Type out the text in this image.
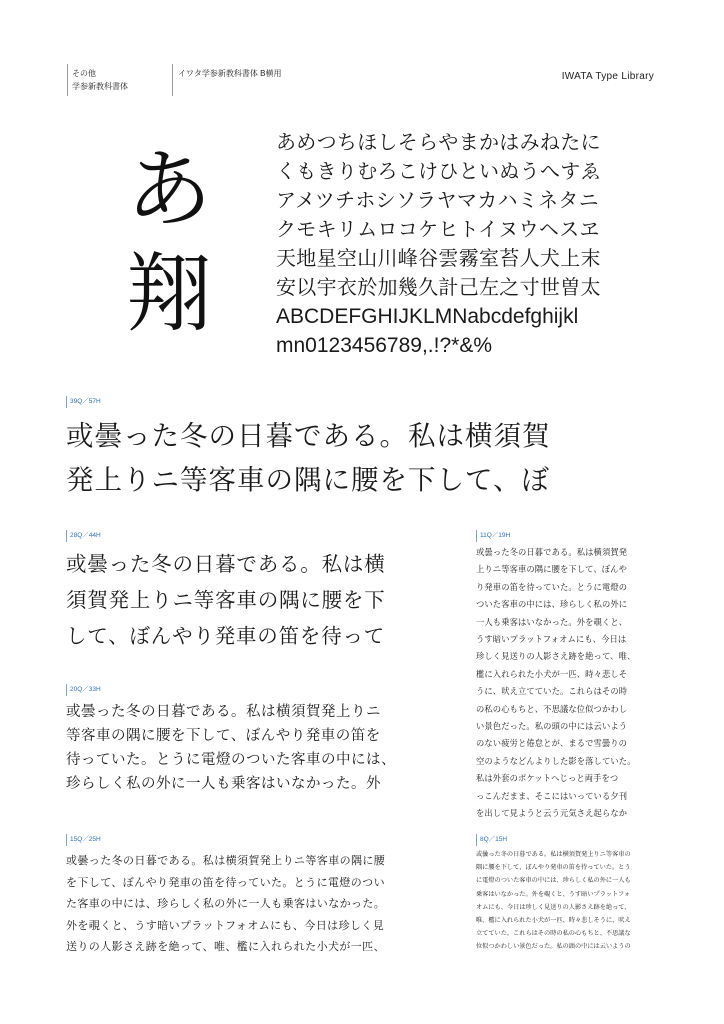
その他
学参新教科書体
イワタ学参新教科書体 B横用	IWATA Type Library
あ
翔
あめつちほしそらやまかはみねたに
くもきりむろこけひといぬうへすゑ
アメツチホシソラヤマカハミネタニ
クモキリムロコケヒトイヌウヘスヱ
天地星空山川峰谷雲霧室苔人犬上末
安以宇衣於加幾久計己左之寸世曽太
ABCDEFGHIJKLMNabcdefghijkl
mn0123456789,.!?*&%
39Q／57H
或曇った冬の日暮である。私は横須賀
発上りニ等客車の隅に腰を下して、ぼ
28Q／44H
或曇った冬の日暮である。私は横
須賀発上りニ等客車の隅に腰を下
して、ぼんやり発車の笛を待って
20Q／33H
或曇った冬の日暮である。私は横須賀発上りニ
等客車の隅に腰を下して、ぼんやり発車の笛を
待っていた。とうに電燈のついた客車の中には、
珍らしく私の外に一人も乗客はいなかった。外
15Q／25H
或曇った冬の日暮である。私は横須賀発上りニ等客車の隅に腰
を下して、ぼんやり発車の笛を待っていた。とうに電燈のつい
た客車の中には、珍らしく私の外に一人も乗客はいなかった。
外を覗くと、うす暗いプラットフォオムにも、今日は珍しく見
送りの人影さえ跡を絶って、唯、檻に入れられた小犬が一匹、
11Q／19H
或曇った冬の日暮である。私は横須賀発
上りニ等客車の隅に腰を下して、ぼんや
り発車の笛を待っていた。とうに電燈の
ついた客車の中には、珍らしく私の外に
一人も乗客はいなかった。外を覗くと、
うす暗いプラットフォオムにも、今日は
珍しく見送りの人影さえ跡を絶って、唯、
檻に入れられた小犬が一匹、時々悲しそ
うに、吠え立てていた。これらはその時
の私の心もちと、不思議な位似つかわし
い景色だった。私の頭の中には云いよう
のない疲労と倦怠とが、まるで雪曇りの
空のようなどんよりした影を落していた。
私は外套のポケットへじっと両手をつ
っこんだまま、そこにはいっている夕刊
を出して見ようと云う元気さえ起らなか
8Q／15H
或曇った冬の日暮である。私は横須賀発上りニ等客車の
隅に腰を下して、ぼんやり発車の笛を待っていた。とう
に電燈のついた客車の中には、珍らしく私の外に一人も
乗客はいなかった。外を覗くと、うす暗いプラットフォ
オムにも、今日は珍しく見送りの人影さえ跡を絶って、
唯、檻に入れられた小犬が一匹、時々悲しそうに、吠え
立てていた。これらはその時の私の心もちと、不思議な
位似つかわしい景色だった。私の頭の中には云いようの
